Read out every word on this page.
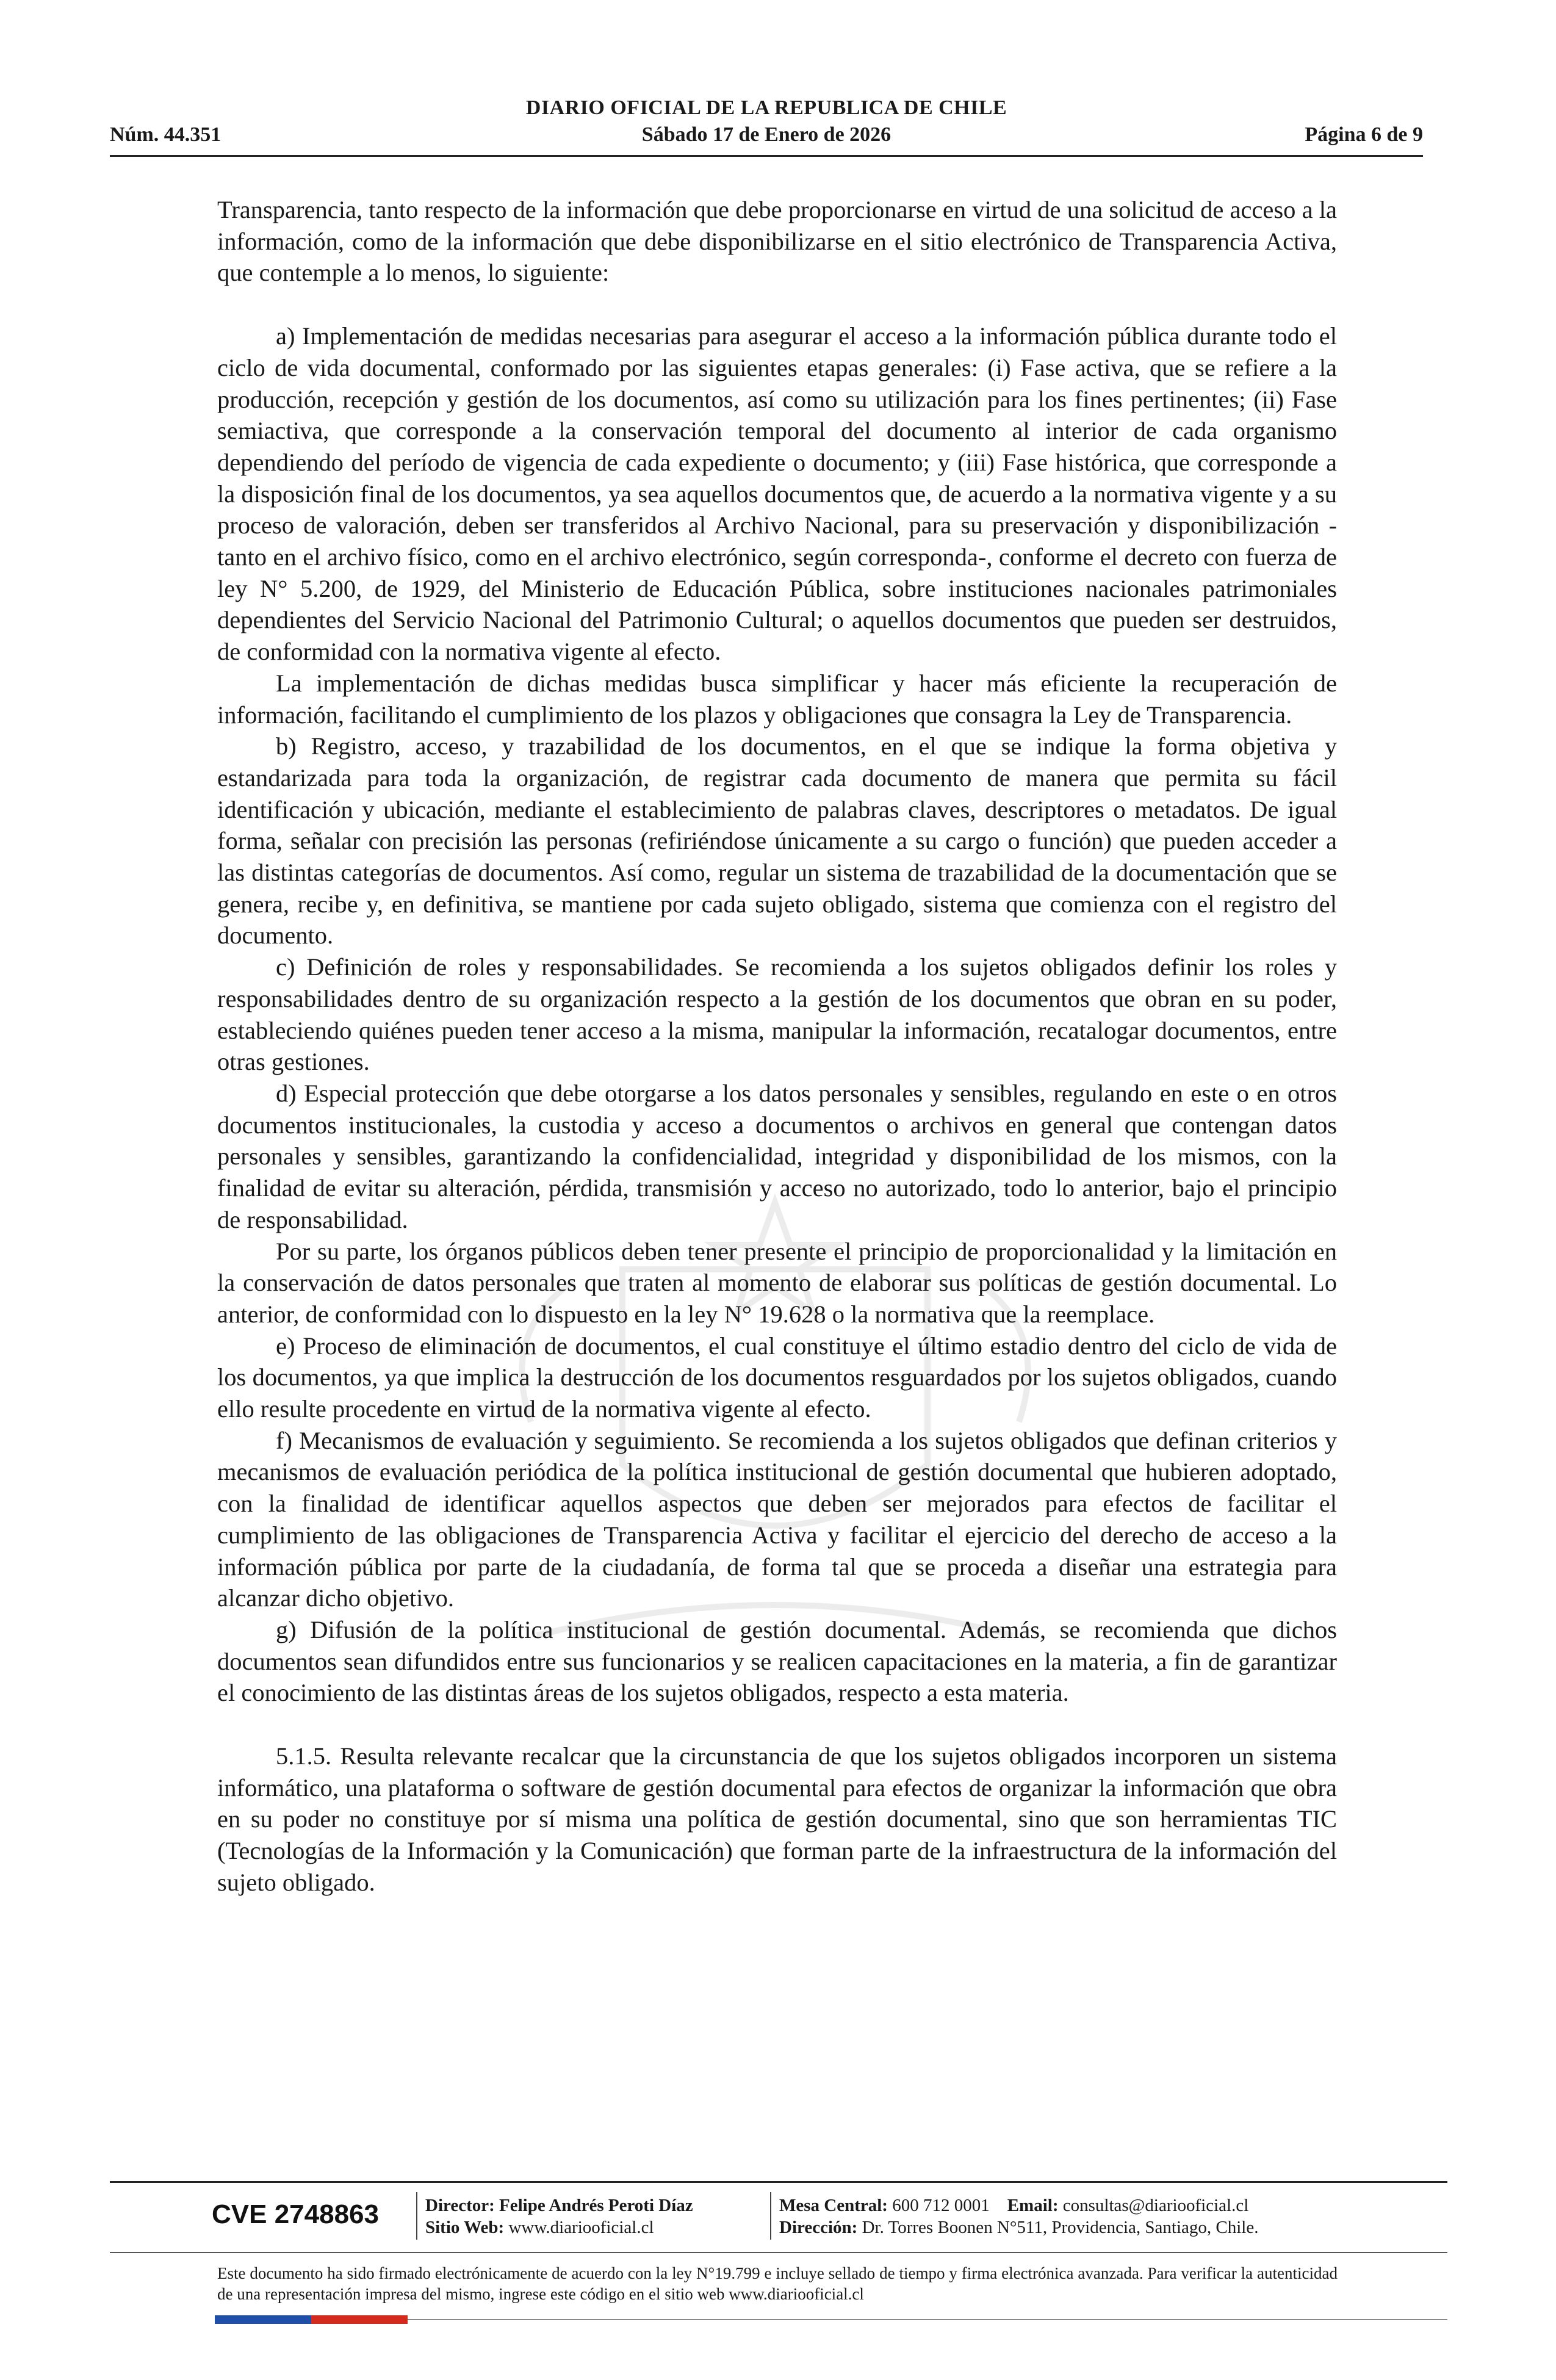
DIARIO OFICIAL DE LA REPUBLICA DE CHILE
Núm. 44.351	Sábado 17 de Enero de 2026	Página 6 de 9

Transparencia, tanto respecto de la información que debe proporcionarse en virtud de una solicitud de acceso a la información, como de la información que debe disponibilizarse en el sitio electrónico de Transparencia Activa, que contemple a lo menos, lo siguiente:

a) Implementación de medidas necesarias para asegurar el acceso a la información pública durante todo el ciclo de vida documental, conformado por las siguientes etapas generales: (i) Fase activa, que se refiere a la producción, recepción y gestión de los documentos, así como su utilización para los fines pertinentes; (ii) Fase semiactiva, que corresponde a la conservación temporal del documento al interior de cada organismo dependiendo del período de vigencia de cada expediente o documento; y (iii) Fase histórica, que corresponde a la disposición final de los documentos, ya sea aquellos documentos que, de acuerdo a la normativa vigente y a su proceso de valoración, deben ser transferidos al Archivo Nacional, para su preservación y disponibilización -tanto en el archivo físico, como en el archivo electrónico, según corresponda-, conforme el decreto con fuerza de ley N° 5.200, de 1929, del Ministerio de Educación Pública, sobre instituciones nacionales patrimoniales dependientes del Servicio Nacional del Patrimonio Cultural; o aquellos documentos que pueden ser destruidos, de conformidad con la normativa vigente al efecto.

La implementación de dichas medidas busca simplificar y hacer más eficiente la recuperación de información, facilitando el cumplimiento de los plazos y obligaciones que consagra la Ley de Transparencia.

b) Registro, acceso, y trazabilidad de los documentos, en el que se indique la forma objetiva y estandarizada para toda la organización, de registrar cada documento de manera que permita su fácil identificación y ubicación, mediante el establecimiento de palabras claves, descriptores o metadatos. De igual forma, señalar con precisión las personas (refiriéndose únicamente a su cargo o función) que pueden acceder a las distintas categorías de documentos. Así como, regular un sistema de trazabilidad de la documentación que se genera, recibe y, en definitiva, se mantiene por cada sujeto obligado, sistema que comienza con el registro del documento.

c) Definición de roles y responsabilidades. Se recomienda a los sujetos obligados definir los roles y responsabilidades dentro de su organización respecto a la gestión de los documentos que obran en su poder, estableciendo quiénes pueden tener acceso a la misma, manipular la información, recatalogar documentos, entre otras gestiones.

d) Especial protección que debe otorgarse a los datos personales y sensibles, regulando en este o en otros documentos institucionales, la custodia y acceso a documentos o archivos en general que contengan datos personales y sensibles, garantizando la confidencialidad, integridad y disponibilidad de los mismos, con la finalidad de evitar su alteración, pérdida, transmisión y acceso no autorizado, todo lo anterior, bajo el principio de responsabilidad.

Por su parte, los órganos públicos deben tener presente el principio de proporcionalidad y la limitación en la conservación de datos personales que traten al momento de elaborar sus políticas de gestión documental. Lo anterior, de conformidad con lo dispuesto en la ley N° 19.628 o la normativa que la reemplace.

e) Proceso de eliminación de documentos, el cual constituye el último estadio dentro del ciclo de vida de los documentos, ya que implica la destrucción de los documentos resguardados por los sujetos obligados, cuando ello resulte procedente en virtud de la normativa vigente al efecto.

f) Mecanismos de evaluación y seguimiento. Se recomienda a los sujetos obligados que definan criterios y mecanismos de evaluación periódica de la política institucional de gestión documental que hubieren adoptado, con la finalidad de identificar aquellos aspectos que deben ser mejorados para efectos de facilitar el cumplimiento de las obligaciones de Transparencia Activa y facilitar el ejercicio del derecho de acceso a la información pública por parte de la ciudadanía, de forma tal que se proceda a diseñar una estrategia para alcanzar dicho objetivo.

g) Difusión de la política institucional de gestión documental. Además, se recomienda que dichos documentos sean difundidos entre sus funcionarios y se realicen capacitaciones en la materia, a fin de garantizar el conocimiento de las distintas áreas de los sujetos obligados, respecto a esta materia.

5.1.5. Resulta relevante recalcar que la circunstancia de que los sujetos obligados incorporen un sistema informático, una plataforma o software de gestión documental para efectos de organizar la información que obra en su poder no constituye por sí misma una política de gestión documental, sino que son herramientas TIC (Tecnologías de la Información y la Comunicación) que forman parte de la infraestructura de la información del sujeto obligado.

CVE 2748863	Director: Felipe Andrés Peroti Díaz
Sitio Web: www.diariooficial.cl
Mesa Central: 600 712 0001 Email: consultas@diariooficial.cl
Dirección: Dr. Torres Boonen N°511, Providencia, Santiago, Chile.
Este documento ha sido firmado electrónicamente de acuerdo con la ley N°19.799 e incluye sellado de tiempo y firma electrónica avanzada. Para verificar la autenticidad de una representación impresa del mismo, ingrese este código en el sitio web www.diariooficial.cl
